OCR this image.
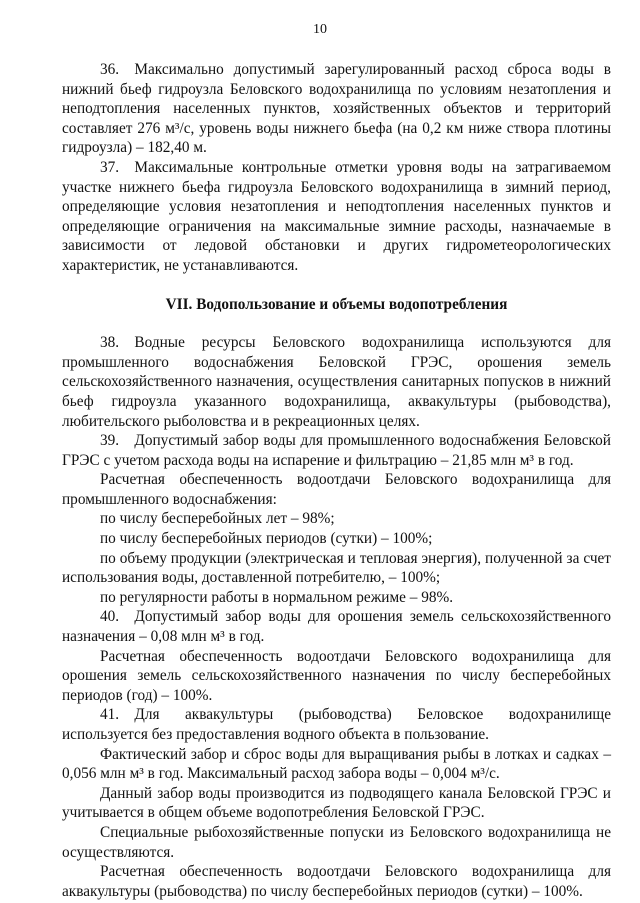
10

36. Максимально допустимый зарегулированный расход сброса воды в нижний бьеф гидроузла Беловского водохранилища по условиям незатопления и неподтопления населенных пунктов, хозяйственных объектов и территорий составляет 276 м³/с, уровень воды нижнего бьефа (на 0,2 км ниже створа плотины гидроузла) – 182,40 м.

37. Максимальные контрольные отметки уровня воды на затрагиваемом участке нижнего бьефа гидроузла Беловского водохранилища в зимний период, определяющие условия незатопления и неподтопления населенных пунктов и определяющие ограничения на максимальные зимние расходы, назначаемые в зависимости от ледовой обстановки и других гидрометеорологических характеристик, не устанавливаются.

VII. Водопользование и объемы водопотребления

38. Водные ресурсы Беловского водохранилища используются для промышленного водоснабжения Беловской ГРЭС, орошения земель сельскохозяйственного назначения, осуществления санитарных попусков в нижний бьеф гидроузла указанного водохранилища, аквакультуры (рыбоводства), любительского рыболовства и в рекреационных целях.

39. Допустимый забор воды для промышленного водоснабжения Беловской ГРЭС с учетом расхода воды на испарение и фильтрацию – 21,85 млн м³ в год.

Расчетная обеспеченность водоотдачи Беловского водохранилища для промышленного водоснабжения:

по числу бесперебойных лет – 98%;

по числу бесперебойных периодов (сутки) – 100%;

по объему продукции (электрическая и тепловая энергия), полученной за счет использования воды, доставленной потребителю, – 100%;

по регулярности работы в нормальном режиме – 98%.

40. Допустимый забор воды для орошения земель сельскохозяйственного назначения – 0,08 млн м³ в год.

Расчетная обеспеченность водоотдачи Беловского водохранилища для орошения земель сельскохозяйственного назначения по числу бесперебойных периодов (год) – 100%.

41. Для аквакультуры (рыбоводства) Беловское водохранилище используется без предоставления водного объекта в пользование.

Фактический забор и сброс воды для выращивания рыбы в лотках и садках – 0,056 млн м³ в год. Максимальный расход забора воды – 0,004 м³/с.

Данный забор воды производится из подводящего канала Беловской ГРЭС и учитывается в общем объеме водопотребления Беловской ГРЭС.

Специальные рыбохозяйственные попуски из Беловского водохранилища не осуществляются.

Расчетная обеспеченность водоотдачи Беловского водохранилища для аквакультуры (рыбоводства) по числу бесперебойных периодов (сутки) – 100%.
